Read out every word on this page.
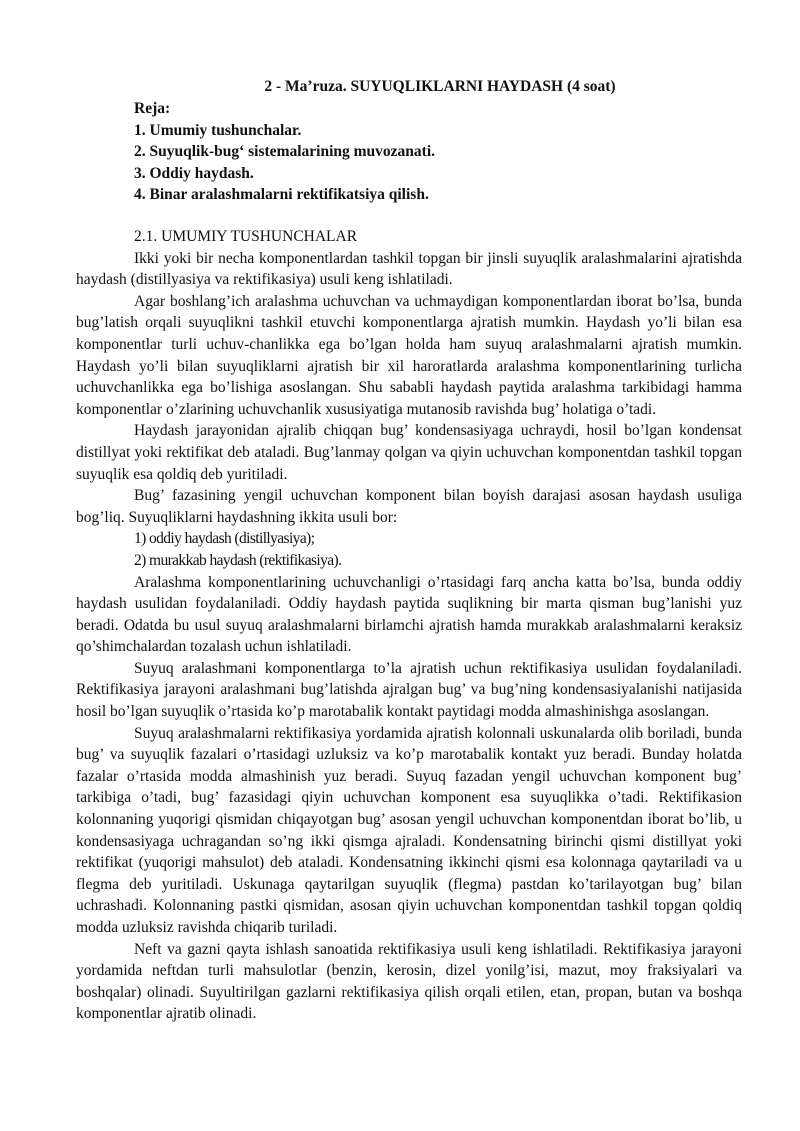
2 - Ma’ruza. SUYUQLIKLARNI HAYDASH (4 soat)
Reja:
1. Umumiy tushunchalar.
2. Suyuqlik-bug‘ sistemalarining muvozanati.
3. Oddiy haydash.
4. Binar aralashmalarni rektifikatsiya qilish.
2.1. UMUMIY TUSHUNCHALAR

Ikki yoki bir necha komponentlardan tashkil topgan bir jinsli suyuqlik aralashmalarini ajratishda haydash (distillyasiya va rektifikasiya) usuli keng ishlatiladi.

Agar boshlang’ich aralashma uchuvchan va uchmaydigan komponentlardan iborat bo’lsa, bunda bug’latish orqali suyuqlikni tashkil etuvchi komponentlarga ajratish mumkin. Haydash yo’li bilan esa komponentlar turli uchuv-chanlikka ega bo’lgan holda ham suyuq aralashmalarni ajratish mumkin. Haydash yo’li bilan suyuqliklarni ajratish bir xil haroratlarda aralashma komponentlarining turlicha uchuvchanlikka ega bo’lishiga asoslangan. Shu sababli haydash paytida aralashma tarkibidagi hamma komponentlar o’zlarining uchuvchanlik xususiyatiga mutanosib ravishda bug’ holatiga o’tadi.

Haydash jarayonidan ajralib chiqqan bug’ kondensasiyaga uchraydi, hosil bo’lgan kondensat distillyat yoki rektifikat deb ataladi. Bug’lanmay qolgan va qiyin uchuvchan komponentdan tashkil topgan suyuqlik esa qoldiq deb yuritiladi.

Bug’ fazasining yengil uchuvchan komponent bilan boyish darajasi asosan haydash usuliga bog’liq. Suyuqliklarni haydashning ikkita usuli bor:

1) oddiy haydash (distillyasiya);

2) murakkab haydash (rektifikasiya).

Aralashma komponentlarining uchuvchanligi o’rtasidagi farq ancha katta bo’lsa, bunda oddiy haydash usulidan foydalaniladi. Oddiy haydash paytida suqlikning bir marta qisman bug’lanishi yuz beradi. Odatda bu usul suyuq aralashmalarni birlamchi ajratish hamda murakkab aralashmalarni keraksiz qo’shimchalardan tozalash uchun ishlatiladi.

Suyuq aralashmani komponentlarga to’la ajratish uchun rektifikasiya usulidan foydalaniladi. Rektifikasiya jarayoni aralashmani bug’latishda ajralgan bug’ va bug’ning kondensasiyalanishi natijasida hosil bo’lgan suyuqlik o’rtasida ko’p marotabalik kontakt paytidagi modda almashinishga asoslangan.

Suyuq aralashmalarni rektifikasiya yordamida ajratish kolonnali uskunalarda olib boriladi, bunda bug’ va suyuqlik fazalari o’rtasidagi uzluksiz va ko’p marotabalik kontakt yuz beradi. Bunday holatda fazalar o’rtasida modda almashinish yuz beradi. Suyuq fazadan yengil uchuvchan komponent bug’ tarkibiga o’tadi, bug’ fazasidagi qiyin uchuvchan komponent esa suyuqlikka o’tadi. Rektifikasion kolonnaning yuqorigi qismidan chiqayotgan bug’ asosan yengil uchuvchan komponentdan iborat bo’lib, u kondensasiyaga uchragandan so’ng ikki qismga ajraladi. Kondensatning birinchi qismi distillyat yoki rektifikat (yuqorigi mahsulot) deb ataladi. Kondensatning ikkinchi qismi esa kolonnaga qaytariladi va u flegma deb yuritiladi. Uskunaga qaytarilgan suyuqlik (flegma) pastdan ko’tarilayotgan bug’ bilan uchrashadi. Kolonnaning pastki qismidan, asosan qiyin uchuvchan komponentdan tashkil topgan qoldiq modda uzluksiz ravishda chiqarib turiladi.

Neft va gazni qayta ishlash sanoatida rektifikasiya usuli keng ishlatiladi. Rektifikasiya jarayoni yordamida neftdan turli mahsulotlar (benzin, kerosin, dizel yonilg’isi, mazut, moy fraksiyalari va boshqalar) olinadi. Suyultirilgan gazlarni rektifikasiya qilish orqali etilen, etan, propan, butan va boshqa komponentlar ajratib olinadi.
